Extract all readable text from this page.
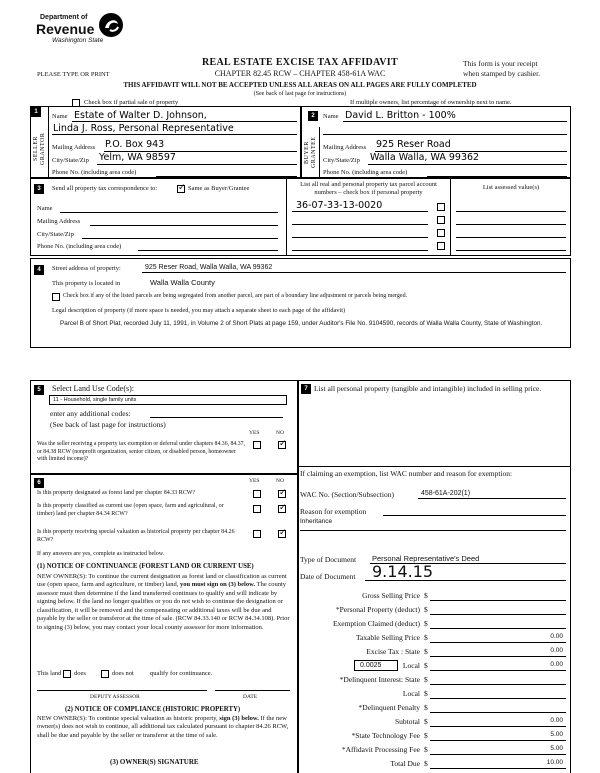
Department of
Revenue
Washington State
REAL ESTATE EXCISE TAX AFFIDAVIT
CHAPTER 82.45 RCW – CHAPTER 458-61A WAC
PLEASE TYPE OR PRINT
This form is your receipt
when stamped by cashier.
THIS AFFIDAVIT WILL NOT BE ACCEPTED UNLESS ALL AREAS ON ALL PAGES ARE FULLY COMPLETED
(See back of last page for instructions)
Check box if partial sale of property	If multiple owners, list percentage of ownership next to name.
1
SELLER GRANTOR
Name Estate of Walter D. Johnson,
Linda J. Ross, Personal Representative
Mailing Address P.O. Box 943
City/State/Zip Yelm, WA 98597
Phone No. (including area code)
2
BUYER GRANTEE
Name David L. Britton - 100%
Mailing Address 925 Reser Road
City/State/Zip Walla Walla, WA 99362
Phone No. (including area code)
3	Send all property tax correspondence to:
✓	Same as Buyer/Grantee
List all real and personal property tax parcel account
numbers – check box if personal property
List assessed value(s)
Name
Mailing Address
City/State/Zip
Phone No. (including area code)
36-07-33-13-0020
4	Street address of property:	925 Reser Road, Walla Walla, WA 99362
This property is located in	Walla Walla County
Check box if any of the listed parcels are being segregated from another parcel, are part of a boundary line adjustment or parcels being merged.
Legal description of property (if more space is needed, you may attach a separate sheet to each page of the affidavit)
Parcel B of Short Plat, recorded July 11, 1991, in Volume 2 of Short Plats at page 159, under Auditor's File No. 9104590, records of Walla Walla County, State of Washington.
5	Select Land Use Code(s):
11 - Household, single family units
enter any additional codes:
(See back of last page for instructions)
YES	NO
Was the seller receiving a property tax exemption or deferral under chapters 84.36, 84.37, or 84.38 RCW (nonprofit organization, senior citizen, or disabled person, homeowner with limited income)?
✓
6	YES	NO
Is this property designated as forest land per chapter 84.33 RCW?
✓
Is this property classified as current use (open space, farm and agricultural, or timber) land per chapter 84.34 RCW?
✓
Is this property receiving special valuation as historical property per chapter 84.26 RCW?
✓
If any answers are yes, complete as instructed below.
(1) NOTICE OF CONTINUANCE (FOREST LAND OR CURRENT USE)
NEW OWNER(S): To continue the current designation as forest land or classification as current use (open space, farm and agriculture, or timber) land, you must sign on (3) below. The county assessor must then determine if the land transferred continues to qualify and will indicate by signing below. If the land no longer qualifies or you do not wish to continue the designation or classification, it will be removed and the compensating or additional taxes will be due and payable by the seller or transferor at the time of sale. (RCW 84.33.140 or RCW 84.34.108). Prior to signing (3) below, you may contact your local county assessor for more information.
This land does	does not qualify for continuance.
DEPUTY ASSESSOR	DATE
(2) NOTICE OF COMPLIANCE (HISTORIC PROPERTY)
NEW OWNER(S): To continue special valuation as historic property, sign (3) below. If the new owner(s) does not wish to continue, all additional tax calculated pursuant to chapter 84.26 RCW, shall be due and payable by the seller or transferor at the time of sale.
(3) OWNER(S) SIGNATURE
7 List all personal property (tangible and intangible) included in selling price.
If claiming an exemption, list WAC number and reason for exemption:
WAC No. (Section/Subsection)	458-61A-202(1)
Reason for exemption
Inheritance
Type of Document Personal Representative's Deed
Date of Document 9.14.15
Gross Selling Price $
*Personal Property (deduct) $
Exemption Claimed (deduct) $
Taxable Selling Price $	0.00
Excise Tax : State $	0.00
0.0025	Local $	0.00
*Delinquent Interest: State $
Local $
*Delinquent Penalty $
Subtotal $	0.00
*State Technology Fee $	5.00
*Affidavit Processing Fee $	5.00
Total Due $	10.00
